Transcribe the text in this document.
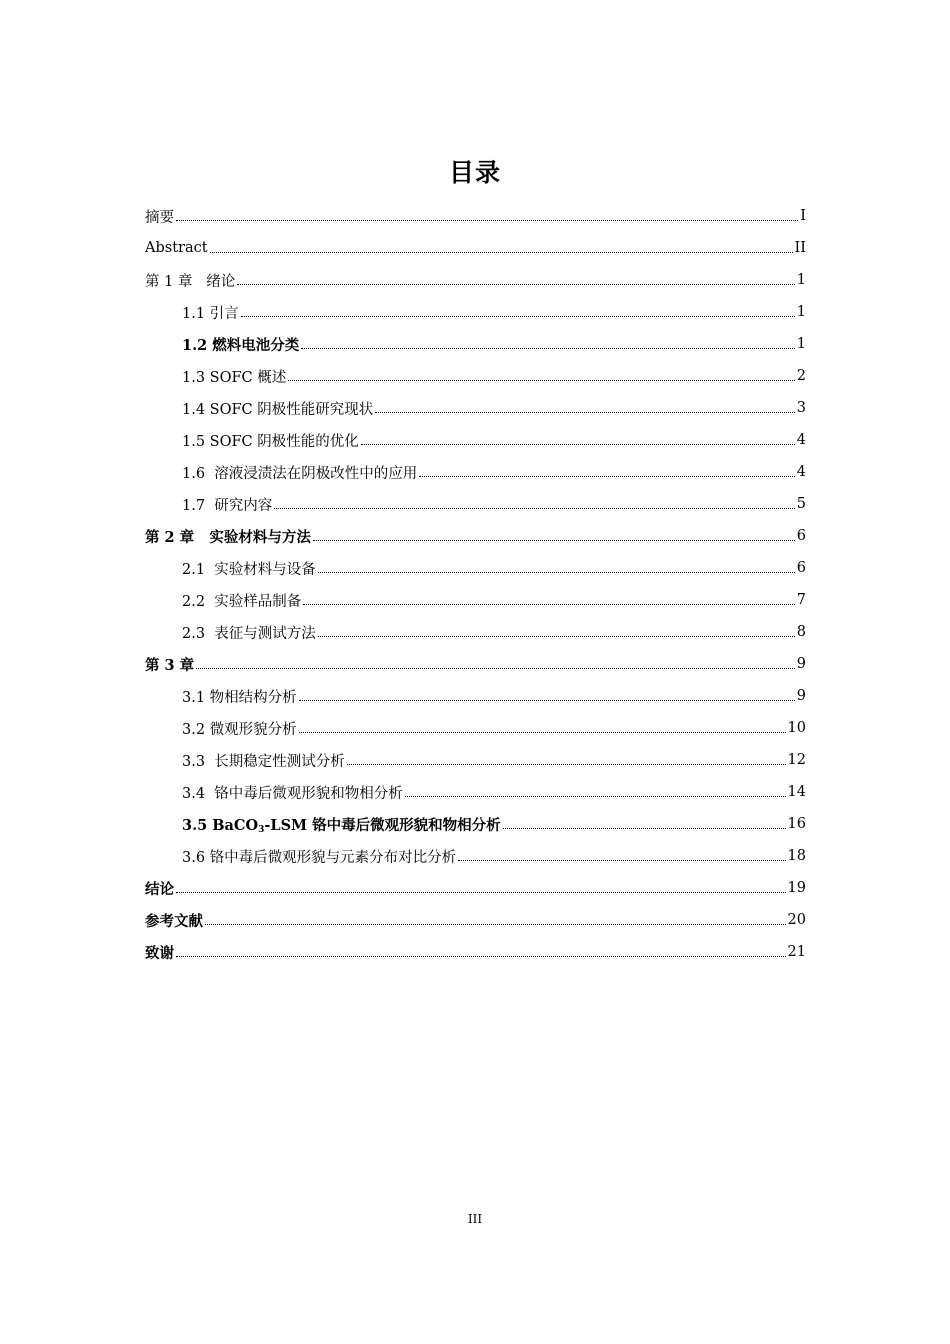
目录
摘要	I
Abstract	II
第 1 章   绪论	1
1.1 引言	1
1.2 燃料电池分类	1
1.3 SOFC 概述	2
1.4 SOFC 阴极性能研究现状	3
1.5 SOFC 阴极性能的优化	4
1.6  溶液浸渍法在阴极改性中的应用	4
1.7  研究内容	5
第 2 章   实验材料与方法	6
2.1  实验材料与设备	6
2.2  实验样品制备	7
2.3  表征与测试方法	8
第 3 章	9
3.1 物相结构分析	9
3.2 微观形貌分析	10
3.3  长期稳定性测试分析	12
3.4  铬中毒后微观形貌和物相分析	14
3.5 BaCO$_3$-LSM 铬中毒后微观形貌和物相分析	16
3.6 铬中毒后微观形貌与元素分布对比分析	18
结论	19
参考文献	20
致谢	21
III
